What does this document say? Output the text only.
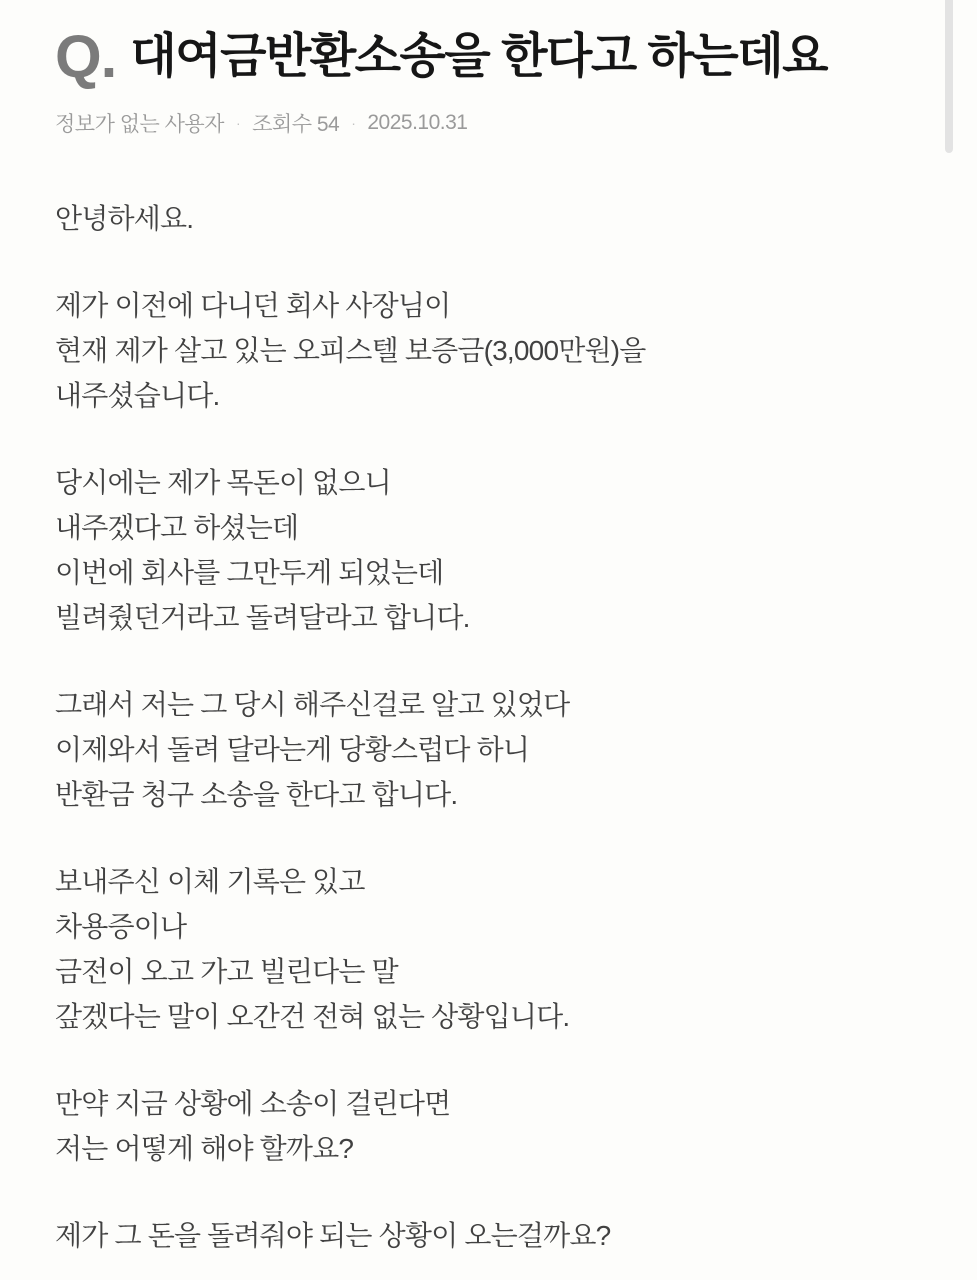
Q. 대여금반환소송을 한다고 하는데요
정보가 없는 사용자 · 조회수 54 · 2025.10.31

안녕하세요.

제가 이전에 다니던 회사 사장님이
현재 제가 살고 있는 오피스텔 보증금(3,000만원)을
내주셨습니다.

당시에는 제가 목돈이 없으니
내주겠다고 하셨는데
이번에 회사를 그만두게 되었는데
빌려줬던거라고 돌려달라고 합니다.

그래서 저는 그 당시 해주신걸로 알고 있었다
이제와서 돌려 달라는게 당황스럽다 하니
반환금 청구 소송을 한다고 합니다.

보내주신 이체 기록은 있고
차용증이나
금전이 오고 가고 빌린다는 말
갚겠다는 말이 오간건 전혀 없는 상황입니다.

만약 지금 상황에 소송이 걸린다면
저는 어떻게 해야 할까요?

제가 그 돈을 돌려줘야 되는 상황이 오는걸까요?
